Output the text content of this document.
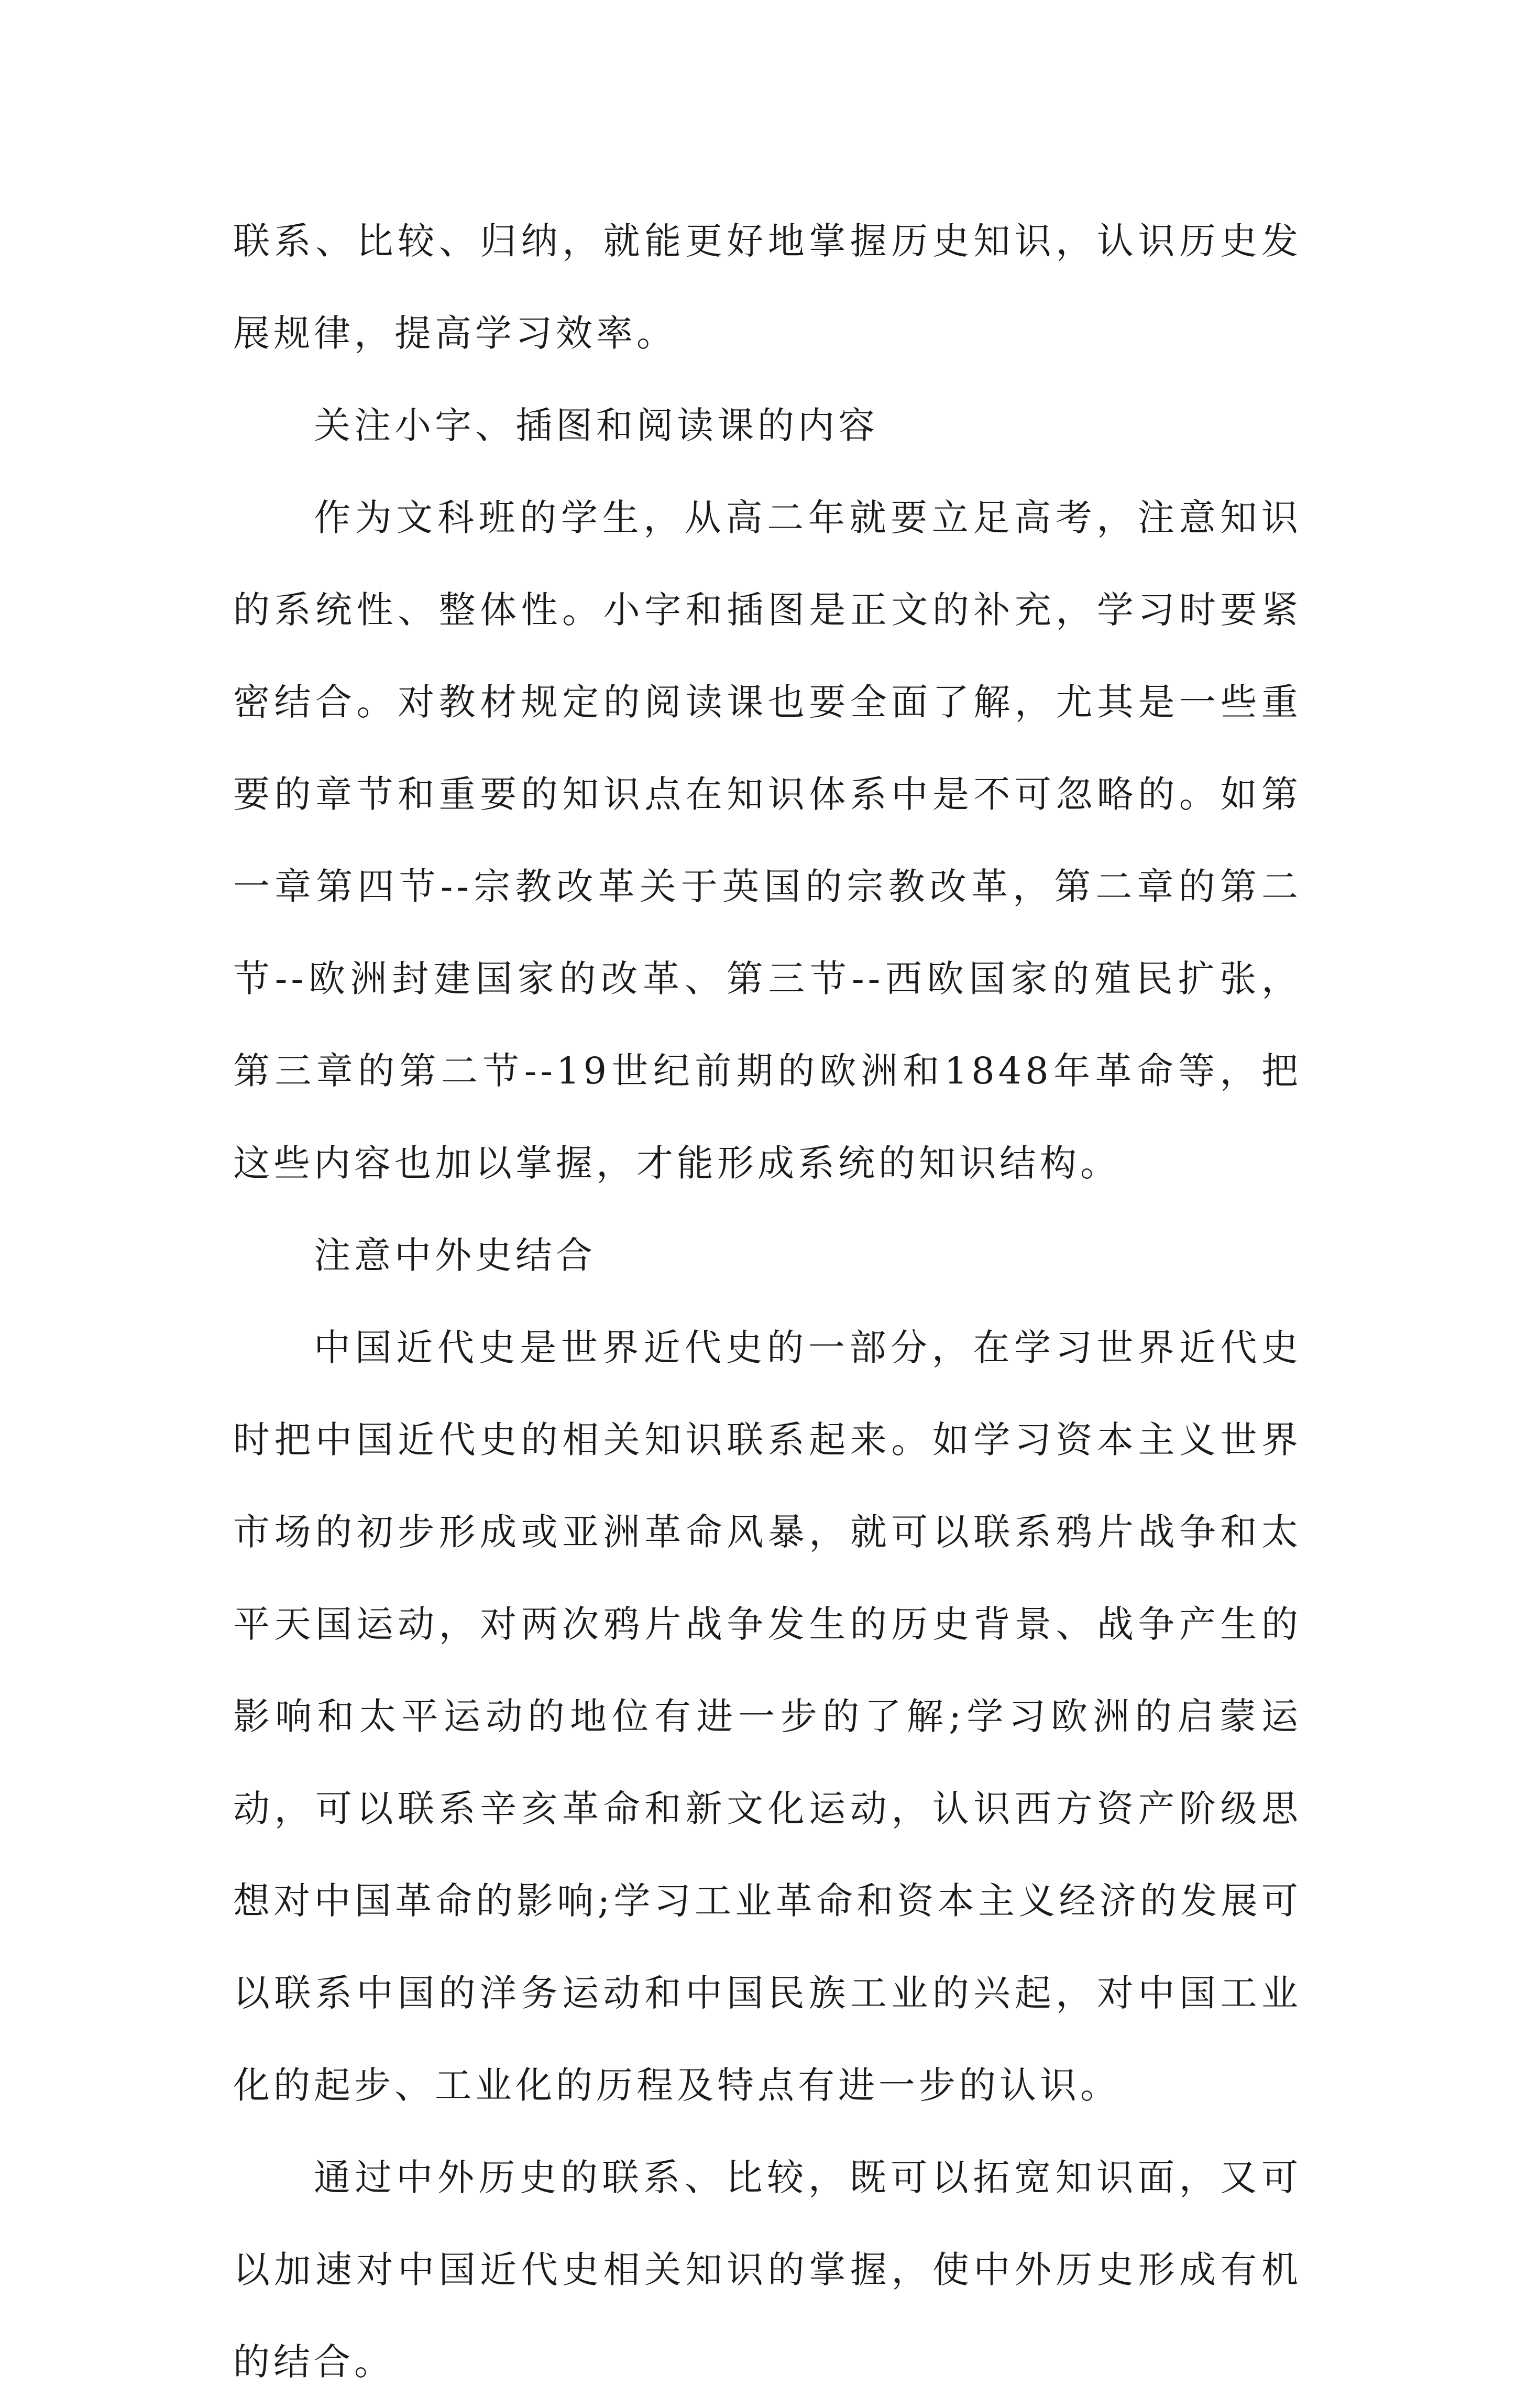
联系、比较、归纳，就能更好地掌握历史知识，认识历史发展规律，提高学习效率。

关注小字、插图和阅读课的内容

作为文科班的学生，从高二年就要立足高考，注意知识的系统性、整体性。小字和插图是正文的补充，学习时要紧密结合。对教材规定的阅读课也要全面了解，尤其是一些重要的章节和重要的知识点在知识体系中是不可忽略的。如第一章第四节--宗教改革关于英国的宗教改革，第二章的第二节--欧洲封建国家的改革、第三节--西欧国家的殖民扩张，第三章的第二节--19世纪前期的欧洲和1848年革命等，把这些内容也加以掌握，才能形成系统的知识结构。

注意中外史结合

中国近代史是世界近代史的一部分，在学习世界近代史时把中国近代史的相关知识联系起来。如学习资本主义世界市场的初步形成或亚洲革命风暴，就可以联系鸦片战争和太平天国运动，对两次鸦片战争发生的历史背景、战争产生的影响和太平运动的地位有进一步的了解;学习欧洲的启蒙运动，可以联系辛亥革命和新文化运动，认识西方资产阶级思想对中国革命的影响;学习工业革命和资本主义经济的发展可以联系中国的洋务运动和中国民族工业的兴起，对中国工业化的起步、工业化的历程及特点有进一步的认识。

通过中外历史的联系、比较，既可以拓宽知识面，又可以加速对中国近代史相关知识的掌握，使中外历史形成有机的结合。
